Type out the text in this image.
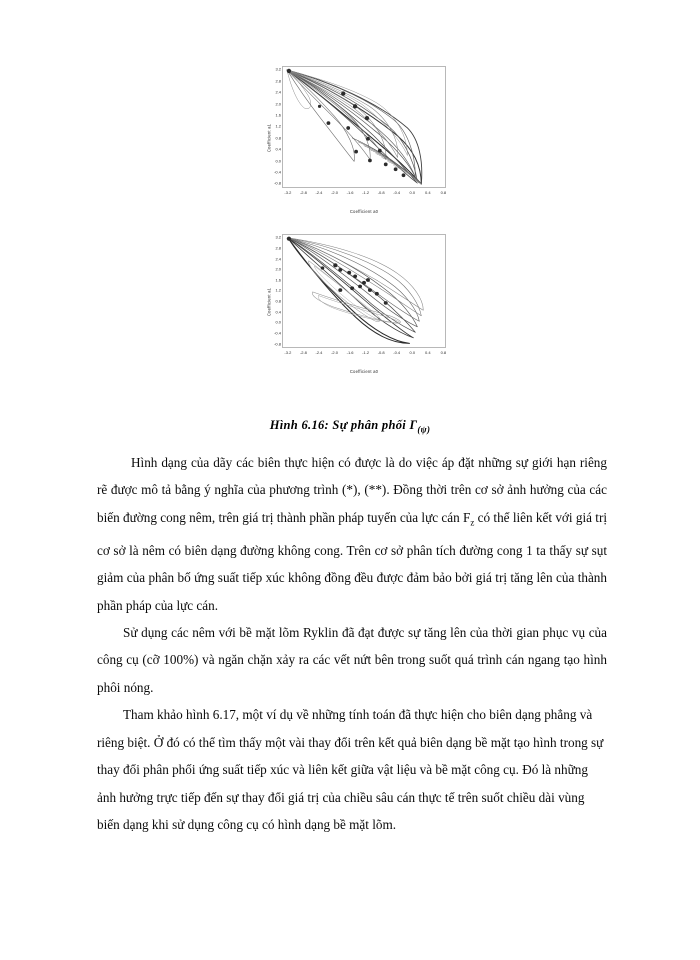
Coefficient a1
Coefficient a0
3.2
2.8
2.4
2.0
1.6
1.2
0.8
0.4
0.0
-0.4
-0.8
-3.2 -2.8 -2.4 -2.0 -1.6 -1.2 -0.8 -0.4 0.0 0.4	0.8
Coefficient a1
Coefficient a0
3.2
2.8
2.4
2.0
1.6
1.2
0.8
0.4
0.0
-0.4
-0.8
-3.2 -2.8 -2.4 -2.0 -1.6 -1.2 -0.8 -0.4 0.0 0.4	0.8
Hình 6.16: Sự phân phối $\Gamma_{(\psi)}$

Hình dạng của dãy các biên thực hiện có được là do việc áp đặt những sự giới hạn riêng rẽ được mô tả bằng ý nghĩa của phương trình (*), (**). Đồng thời trên cơ sở ảnh hưởng của các biến đường cong nêm, trên giá trị thành phần pháp tuyến của lực cán $F_z$ có thể liên kết với giá trị cơ sở là nêm có biên dạng đường không cong. Trên cơ sở phân tích đường cong 1 ta thấy sự sụt giảm của phân bố ứng suất tiếp xúc không đồng đều được đảm bảo bởi giá trị tăng lên của thành phần pháp của lực cán.

Sử dụng các nêm với bề mặt lõm Ryklin đã đạt được sự tăng lên của thời gian phục vụ của công cụ (cỡ 100%) và ngăn chặn xảy ra các vết nứt bên trong suốt quá trình cán ngang tạo hình phôi nóng.

Tham khảo hình 6.17, một ví dụ về những tính toán đã thực hiện cho biên dạng phẳng và riêng biệt. Ở đó có thể tìm thấy một vài thay đổi trên kết quả biên dạng bề mặt tạo hình trong sự thay đổi phân phối ứng suất tiếp xúc và liên kết giữa vật liệu và bề mặt công cụ. Đó là những ảnh hưởng trực tiếp đến sự thay đổi giá trị của chiều sâu cán thực tế trên suốt chiều dài vùng biến dạng khi sử dụng công cụ có hình dạng bề mặt lõm.
